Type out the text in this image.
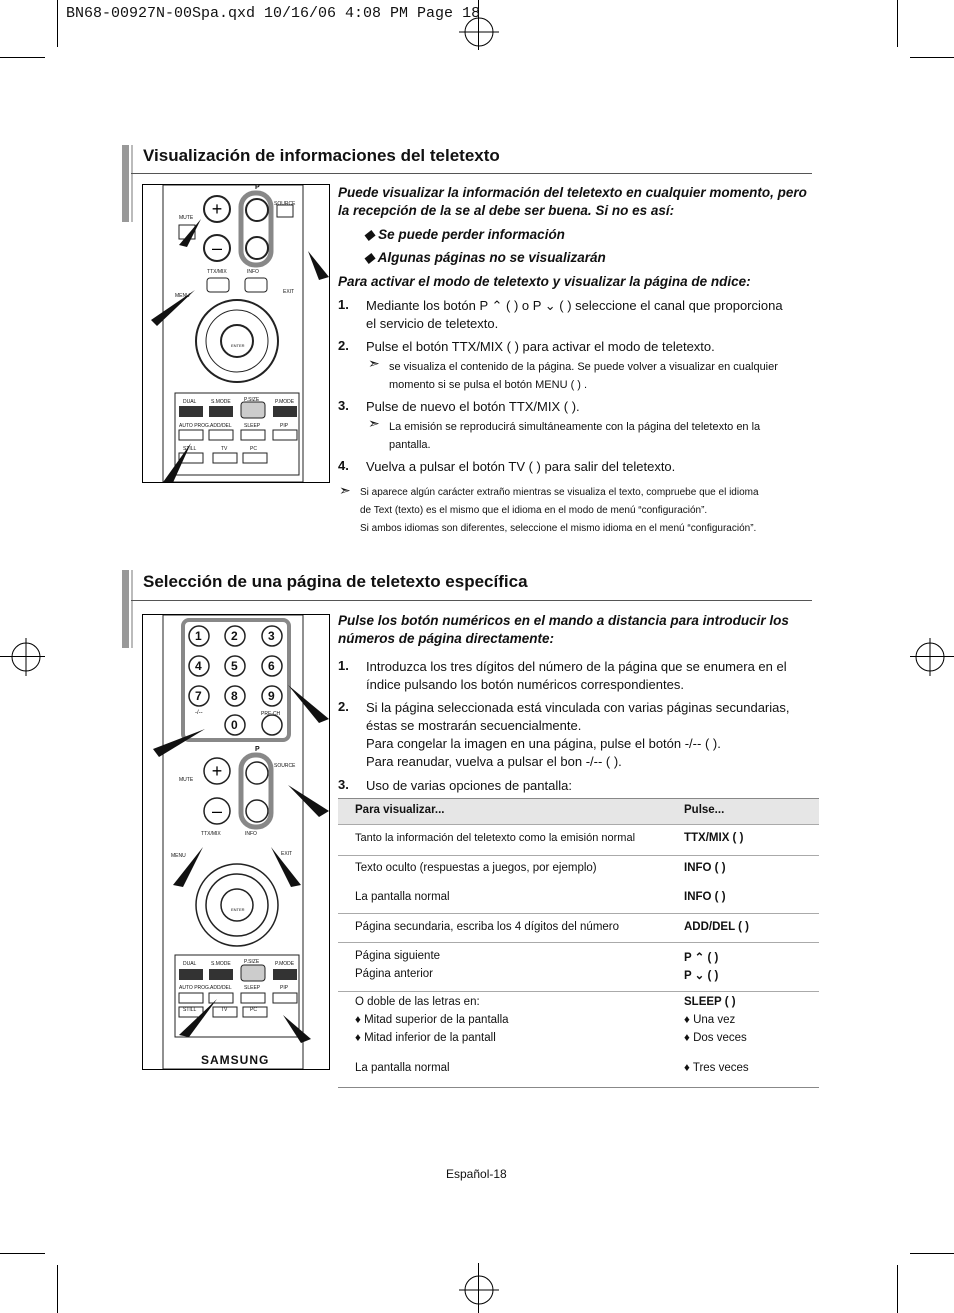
BN68-00927N-00Spa.qxd 10/16/06 4:08 PM Page 18
Visualización de informaciones del teletexto
+
–
P
SOURCE
MUTE
TTX/MIX	INFO
MENU
EXIT
ENTER
DUAL	S.MODE	P.SIZE	P.MODE
AUTO PROG. ADD/DEL SLEEP	PIP
STILL	TV	PC
Puede visualizar la información del teletexto en cualquier momento, pero la recepción de la se al debe ser buena. Si no es así:
◆ Se puede perder información
◆ Algunas páginas no se visualizarán
Para activar el modo de teletexto y visualizar la página de ndice:
1. Mediante los botón P ⌃ ( ) o P ⌄ ( ) seleccione el canal que proporciona el servicio de teletexto.
2. Pulse el botón TTX/MIX ( ) para activar el modo de teletexto.
➣ se visualiza el contenido de la página. Se puede volver a visualizar en cualquier momento si se pulsa el botón MENU ( ) .
3. Pulse de nuevo el botón TTX/MIX ( ).
➣ La emisión se reproducirá simultáneamente con la página del teletexto en la pantalla.
4. Vuelva a pulsar el botón TV ( ) para salir del teletexto.
➣ Si aparece algún carácter extraño mientras se visualiza el texto, compruebe que el idioma
de Text (texto) es el mismo que el idioma en el modo de menú “configuración”.
Si ambos idiomas son diferentes, seleccione el mismo idioma en el menú “configuración”.
Selección de una página de teletexto específica
+
–
1 2	3
4 5	6
7 8	9
0
-/--	PRE-CH
P
SOURCE
MUTE
TTX/MIX	INFO
MENU	EXIT
ENTER
DUAL	S.MODE	P.SIZE	P.MODE
AUTO PROG. ADD/DEL SLEEP	PIP
STILL	TV	PC
SAMSUNG
Pulse los botón numéricos en el mando a distancia para introducir los números de página directamente:
1. Introduzca los tres dígitos del número de la página que se enumera en el índice pulsando los botón numéricos correspondientes.
2. Si la página seleccionada está vinculada con varias páginas secundarias, éstas se mostrarán secuencialmente.
Para congelar la imagen en una página, pulse el botón -/-- ( ).
Para reanudar, vuelva a pulsar el bon -/-- ( ).
3. Uso de varias opciones de pantalla:
Para visualizar...	Pulse...
Tanto la información del teletexto como la emisión normal	TTX/MIX ( )
Texto oculto (respuestas a juegos, por ejemplo)	INFO ( )
La pantalla normal	INFO ( )
Página secundaria, escriba los 4 dígitos del número	ADD/DEL ( )
Página siguiente	P ⌃ ( )
Página anterior	P ⌄ ( )
O doble de las letras en:	SLEEP ( )
♦ Mitad superior de la pantalla	♦ Una vez
♦ Mitad inferior de la pantall	♦ Dos veces
La pantalla normal	♦ Tres veces
Español-18
